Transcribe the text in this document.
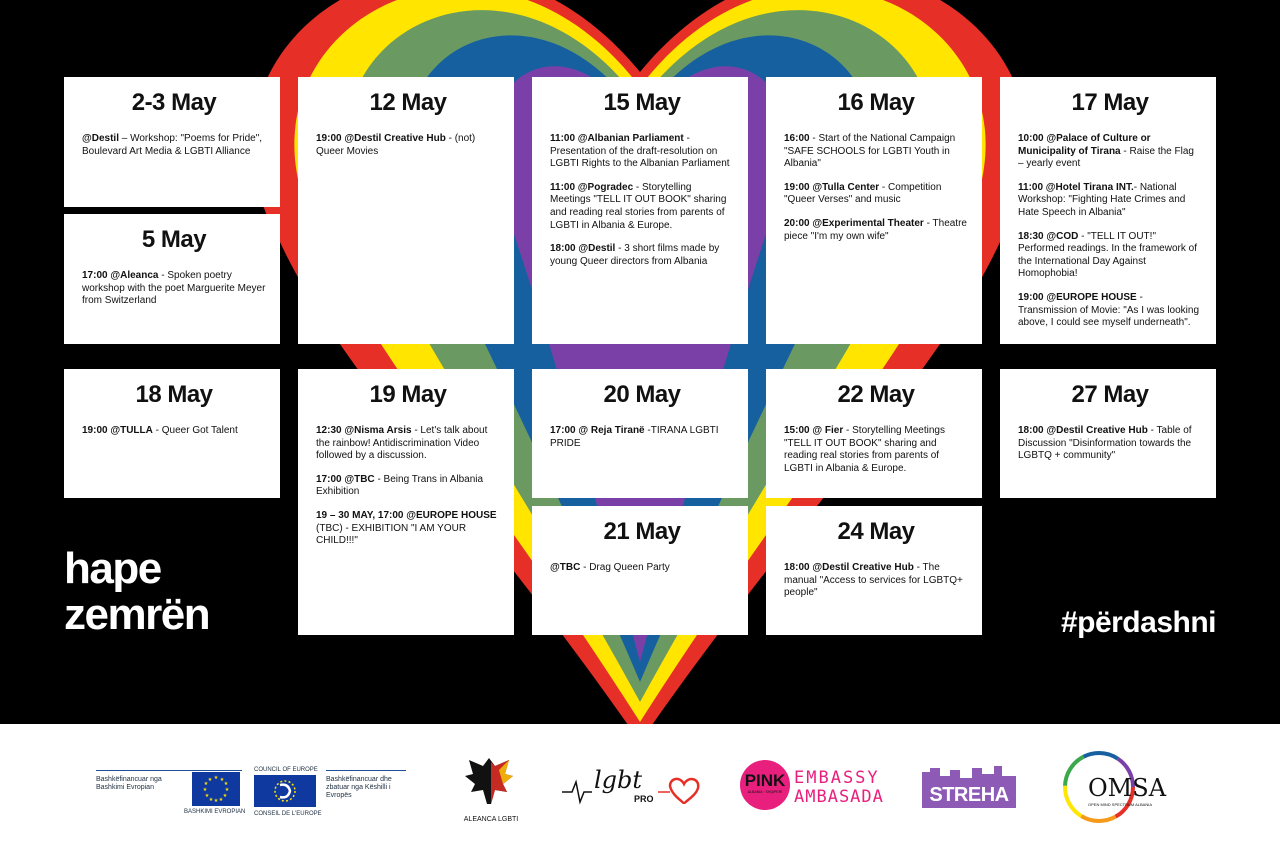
2-3 May

@Destil – Workshop: "Poems for Pride", Boulevard Art Media & LGBTI Alliance

5 May

17:00 @Aleanca - Spoken poetry workshop with the poet Marguerite Meyer from Switzerland

12 May

19:00 @Destil Creative Hub - (not) Queer Movies

15 May

11:00 @Albanian Parliament - Presentation of the draft-resolution on LGBTI Rights to the Albanian Parliament

11:00 @Pogradec - Storytelling Meetings "TELL IT OUT BOOK" sharing and reading real stories from parents of LGBTI in Albania & Europe.

18:00 @Destil - 3 short films made by young Queer directors from Albania

16 May

16:00 - Start of the National Campaign "SAFE SCHOOLS for LGBTI Youth in Albania"

19:00 @Tulla Center - Competition "Queer Verses" and music

20:00 @Experimental Theater - Theatre piece "I'm my own wife"

17 May

10:00 @Palace of Culture or Municipality of Tirana - Raise the Flag – yearly event

11:00 @Hotel Tirana INT.- National Workshop: "Fighting Hate Crimes and Hate Speech in Albania"

18:30 @COD - "TELL IT OUT!" Performed readings. In the framework of the International Day Against Homophobia!

19:00 @EUROPE HOUSE - Transmission of Movie: "As I was looking above, I could see myself underneath".

18 May

19:00 @TULLA - Queer Got Talent

19 May

12:30 @Nisma Arsis - Let's talk about the rainbow! Antidiscrimination Video followed by a discussion.

17:00 @TBC - Being Trans in Albania Exhibition

19 – 30 MAY, 17:00 @EUROPE HOUSE (TBC) - EXHIBITION "I AM YOUR CHILD!!!"

20 May

17:00 @ Reja Tiranë -TIRANA LGBTI PRIDE

21 May

@TBC - Drag Queen Party

22 May

15:00 @ Fier - Storytelling Meetings "TELL IT OUT BOOK" sharing and reading real stories from parents of LGBTI in Albania & Europe.

24 May

18:00 @Destil Creative Hub - The manual "Access to services for LGBTQ+ people"

27 May

18:00 @Destil Creative Hub - Table of Discussion "Disinformation towards the LGBTQ + community"

hape
zemrën	#përdashni
Bashkëfinancuar nga Bashkimi Evropian
★ ★
★
★
★
★
★
★
★
★
★
★
BASHKIMI EVROPIAN
COUNCIL OF EUROPE
CONSEIL DE L'EUROPE
Bashkëfinancuar dhe zbatuar nga Këshilli i Evropës
ALEANCA LGBTI
lgbt
PRO
PINK
ALBANIA · SHQIPERI
EMBASSY
AMBASADA	STREHA	OMSA
OPEN MIND SPECTRUM ALBANIA
